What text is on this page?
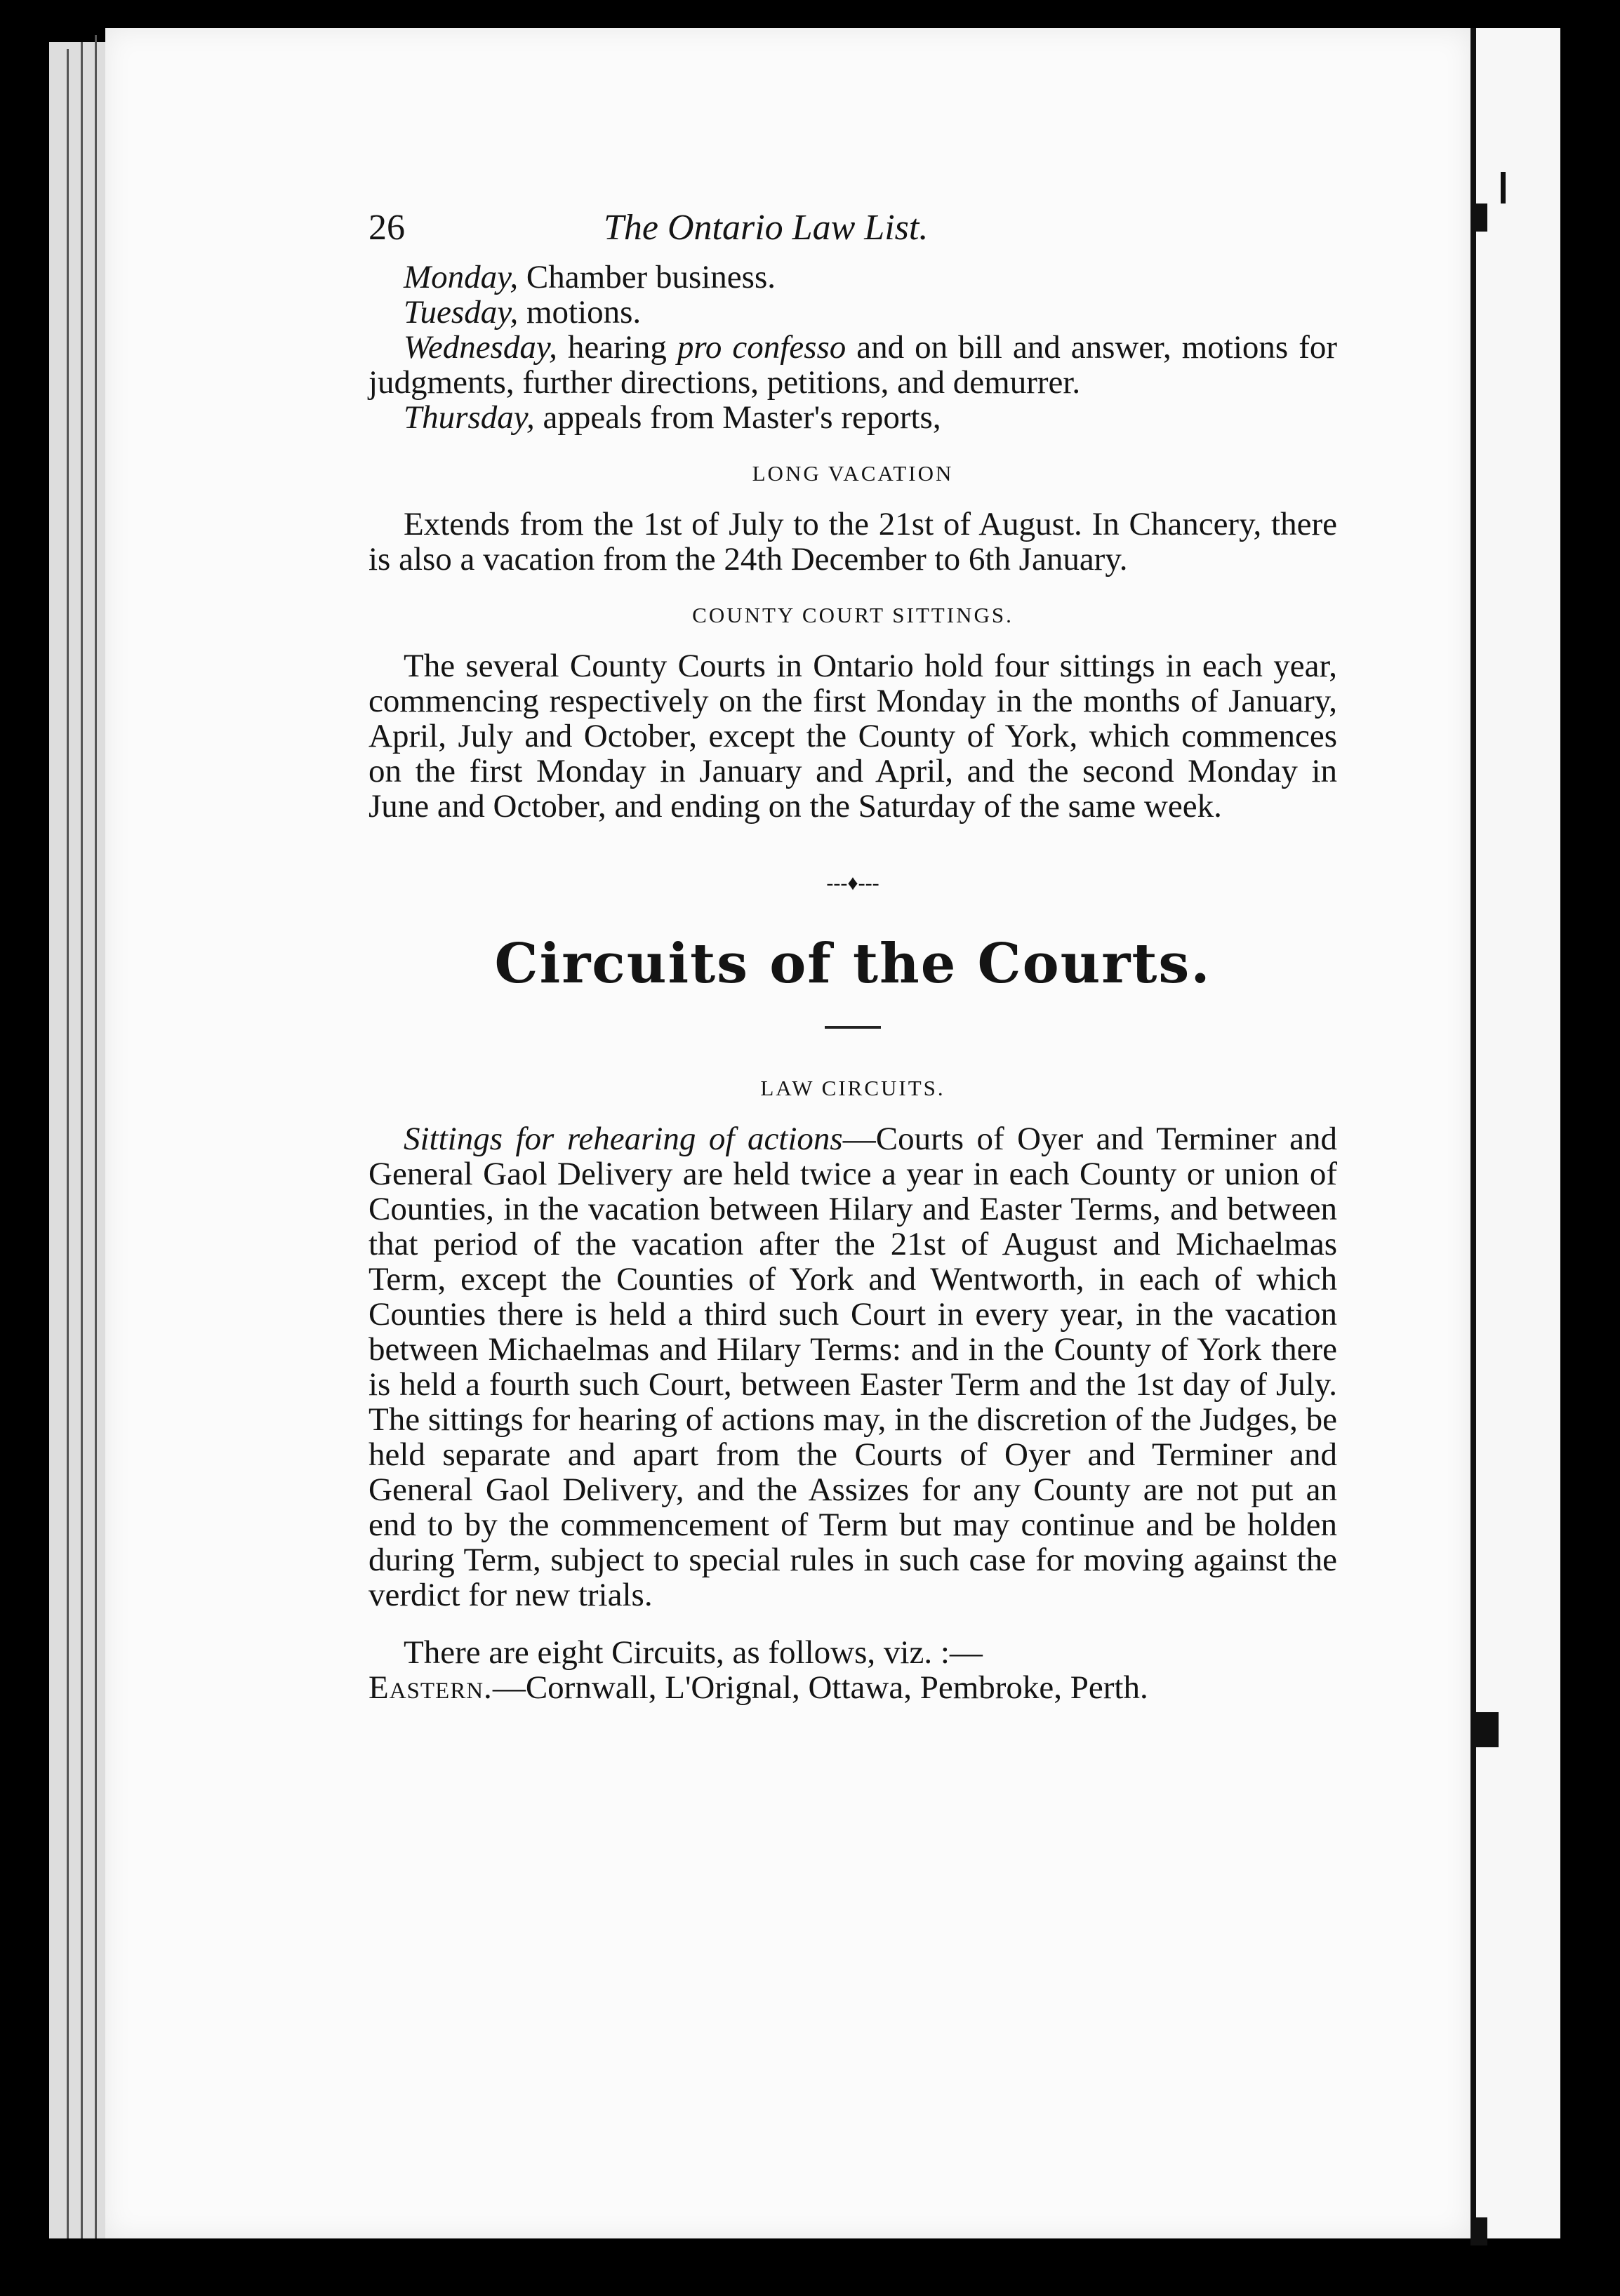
26	The Ontario Law List.

Monday, Chamber business.

Tuesday, motions.

Wednesday, hearing pro confesso and on bill and answer, motions for judgments, further directions, petitions, and demurrer.

Thursday, appeals from Master's reports,

LONG VACATION

Extends from the 1st of July to the 21st of August. In Chancery, there is also a vacation from the 24th December to 6th January.

COUNTY COURT SITTINGS.

The several County Courts in Ontario hold four sittings in each year, commencing respectively on the first Monday in the months of January, April, July and October, except the County of York, which commences on the first Monday in January and April, and the second Monday in June and October, and ending on the Saturday of the same week.

---♦---
Circuits of the Courts.
LAW CIRCUITS.

Sittings for rehearing of actions—Courts of Oyer and Terminer and General Gaol Delivery are held twice a year in each County or union of Counties, in the vacation between Hilary and Easter Terms, and between that period of the vacation after the 21st of August and Michaelmas Term, except the Counties of York and Wentworth, in each of which Counties there is held a third such Court in every year, in the vacation between Michaelmas and Hilary Terms: and in the County of York there is held a fourth such Court, between Easter Term and the 1st day of July. The sittings for hearing of actions may, in the discretion of the Judges, be held separate and apart from the Courts of Oyer and Terminer and General Gaol Delivery, and the Assizes for any County are not put an end to by the commencement of Term but may continue and be holden during Term, subject to special rules in such case for moving against the verdict for new trials.

There are eight Circuits, as follows, viz. :—

Eastern.—Cornwall, L'Orignal, Ottawa, Pembroke, Perth.
